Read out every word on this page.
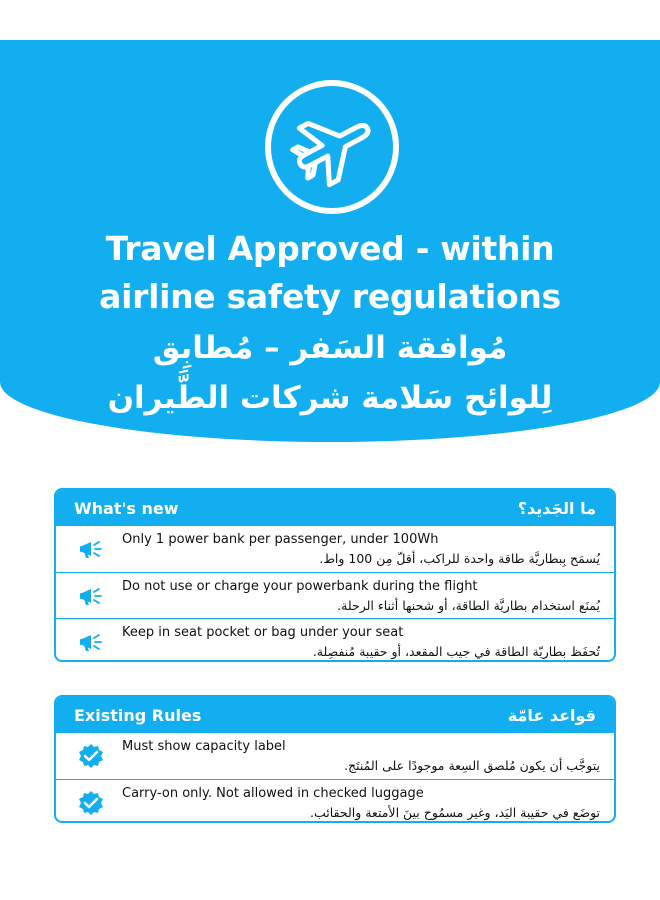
Travel Approved - within
airline safety regulations
مُوافقة السَفر – مُطابِق
لِلوائح سَلامة شركات الطَّيران
What's new	ما الجَديد؟
Only 1 power bank per passenger, under 100Wh
يُسمَح بِبطاريَّة طاقة واحدة للراكب، أقلّ مِن 100 واط.
Do not use or charge your powerbank during the flight
يُمنَع استخدام بطاريَّة الطاقة، أو شحنها أثناء الرحلة.
Keep in seat pocket or bag under your seat
تُحفَظ بطاريّة الطاقة في جيب المقعد، أو حقيبة مُنفصِلة.
Existing Rules	قواعد عامّة
Must show capacity label
يتوجَّب أن يكون مُلصق السِعة موجودًا على المُنتَج.
Carry-on only. Not allowed in checked luggage
توضَع في حقيبة اليَد، وغير مسمُوح بينَ الأمتعة والحقائب.
